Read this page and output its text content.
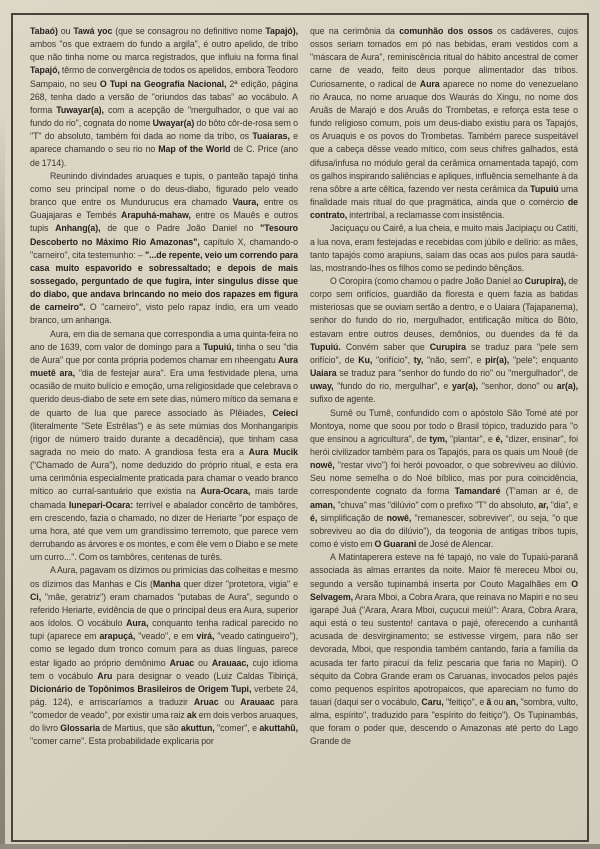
Tabaó) ou Tawá yoc (que se consagrou no definitivo nome Tapajó), ambos "os que extraem do fundo a argila", é outro apelido, de tribo que não tinha nome ou marca registrados, que influiu na forma final Tapajó, têrmo de convergência de todos os apelidos, embora Teodoro Sampaio, no seu O Tupi na Geografia Nacional, 2ª edição, página 268, tenha dado a versão de "oriundos das tabas" ao vocábulo. A forma Tuwayar(a), com a acepção de "mergulhador, o que vai ao fundo do rio", cognata do nome Uwayar(a) do bôto côr-de-rosa sem o "T" do absoluto, também foi dada ao nome da tribo, os Tuaiaras, e aparece chamando o seu rio no Map of the World de C. Price (ano de 1714).

Reunindo divindades aruaques e tupis, o panteão tapajó tinha como seu principal nome o do deus-diabo, figurado pelo veado branco que entre os Mundurucus era chamado Vaura, entre os Guajajaras e Tembés Arapuhá-mahaw, entre os Mauês e outros tupis Anhang(a), de que o Padre João Daniel no "Tesouro Descoberto no Máximo Rio Amazonas", capítulo X, chamando-o "carneiro", cita testemunho: – "...de repente, veio um correndo para casa muito espavorido e sobressaltado; e depois de mais sossegado, perguntado de que fugira, inter singulus disse que do diabo, que andava brincando no meio dos rapazes em figura de carneiro". O "carneiro", visto pelo rapaz índio, era um veado branco, um anhanga.

Aura, em dia de semana que correspondia a uma quinta-feira no ano de 1639, com valor de domingo para a Tupuiú, tinha o seu "dia de Aura" que por conta própria podemos chamar em nheengatu Aura muetê ara, "dia de festejar aura". Era uma festividade plena, uma ocasião de muito bulício e emoção, uma religiosidade que celebrava o querido deus-diabo de sete em sete dias, número mítico da semana e de quarto de lua que parece associado às Plêiades, Ceieci (literalmente "Sete Estrêlas") e às sete múmias dos Monhangaripis (rigor de número traído durante a decadência), que tinham casa sagrada no meio do mato. A grandiosa festa era a Aura Mucik ("Chamado de Aura"), nome deduzido do próprio ritual, e esta era uma cerimônia especialmente praticada para chamar o veado branco mítico ao curral-santuário que existia na Aura-Ocara, mais tarde chamada Iunepari-Ocara: terrível e abalador concêrto de tambôres, em crescendo, fazia o chamado, no dizer de Heriarte "por espaço de uma hora, até que vem um grandíssimo terremoto, que parece vem derrubando as árvores e os montes, e com êle vem o Diabo e se mete um curro...". Com os tambôres, centenas de turês.

A Aura, pagavam os dízimos ou primícias das colheitas e mesmo os dízimos das Manhas e Cis (Manha quer dizer "protetora, vigia" e Ci, "mãe, geratriz") eram chamados "putabas de Aura", segundo o referido Heriarte, evidência de que o principal deus era Aura, superior aos ídolos. O vocábulo Aura, conquanto tenha radical parecido no tupi (aparece em arapuçá, "veado", e em virá, "veado catingueiro"), como se legado dum tronco comum para as duas línguas, parece estar ligado ao próprio demônimo Aruac ou Arauaac, cujo idioma tem o vocábulo Aru para designar o veado (Luiz Caldas Tibiriçá, Dicionário de Topônimos Brasileiros de Origem Tupi, verbete 24, pág. 124), e arriscaríamos a traduzir Aruac ou Arauaac para "comedor de veado", por existir uma raiz ak em dois verbos aruaques, do livro Glossaria de Martius, que são akuttun, "comer", e akuttahũ, "comer carne". Esta probabilidade explicaria por

que na cerimônia da comunhão dos ossos os cadáveres, cujos ossos seriam tomados em pó nas bebidas, eram vestidos com a "máscara de Aura", reminiscência ritual do hábito ancestral de comer carne de veado, feito deus porque alimentador das tribos. Curiosamente, o radical de Aura aparece no nome do venezuelano rio Arauca, no nome aruaque dos Waurás do Xingu, no nome dos Aruãs de Marajó e dos Aruãs do Trombetas, e reforça esta tese o fundo religioso comum, pois um deus-diabo existiu para os Tapajós, os Aruaquis e os povos do Trombetas. Também parece suspeitável que a cabeça dêsse veado mítico, com seus chifres galhados, está difusa/infusa no módulo geral da cerâmica ornamentada tapajó, com os galhos inspirando saliências e apliques, influência semelhante à da rena sôbre a arte cêltica, fazendo ver nesta cerâmica da Tupuiú uma finalidade mais ritual do que pragmática, ainda que o comércio de contrato, intertribal, a reclamasse com insistência.

Jaciçuaçu ou Cairê, a lua cheia, e muito mais Jacipiaçu ou Catiti, a lua nova, eram festejadas e recebidas com júbilo e delírio: as mães, tanto tapajós como arapiuns, saíam das ocas aos pulos para saudá-las, mostrando-lhes os filhos como se pedindo bênçãos.

O Coropira (como chamou o padre João Daniel ao Curupira), de corpo sem orifícios, guardião da floresta e quem fazia as batidas misteriosas que se ouviam sertão a dentro, e o Uaiara (Tajapanema), senhor do fundo do rio, mergulhador, entificação mítica do Bôto, estavam entre outros deuses, demônios, ou duendes da fé da Tupuiú. Convém saber que Curupira se traduz para "pele sem orifício", de Ku, "orifício", ty, "não, sem", e pir(a), "pele"; enquanto Uaiara se traduz para "senhor do fundo do rio" ou "mergulhador", de uway, "fundo do rio, mergulhar", e yar(a), "senhor, dono" ou ar(a), sufixo de agente.

Sumê ou Tumê, confundido com o apóstolo São Tomé até por Montoya, nome que soou por todo o Brasil tópico, traduzido para "o que ensinou a agricultura", de tym, "plantar", e é, "dizer, ensinar", foi herói civilizador também para os Tapajós, para os quais um Nouê (de nowê, "restar vivo") foi herói povoador, o que sobreviveu ao dilúvio. Seu nome semelha o do Noé bíblico, mas por pura coincidência, correspondente cognato da forma Tamandaré (T'aman ar é, de aman, "chuva" mas "dilúvio" com o prefixo "T" do absoluto, ar, "dia", e é, simplificação de nowê, "remanescer, sobreviver", ou seja, "o que sobreviveu ao dia do dilúvio"), da teogonia de antigas tribos tupis, como é visto em O Guarani de José de Alencar.

A Matintaperera esteve na fé tapajó, no vale do Tupaiú-paranã associada às almas errantes da noite. Maior fé mereceu Mboi ou, segundo a versão tupinambá inserta por Couto Magalhães em O Selvagem, Arara Mboi, a Cobra Arara, que reinava no Mapiri e no seu igarapé Juá ("Arara, Arara Mboi, cuçucui meiú!": Arara, Cobra Arara, aqui está o teu sustento! cantava o pajé, oferecendo a cunhantã acusada de desvirginamento; se estivesse virgem, para não ser devorada, Mboi, que respondia também cantando, faria a família da acusada ter farto piracuí da feliz pescaria que faria no Mapiri). O séquito da Cobra Grande eram os Caruanas, invocados pelos pajés como pequenos espíritos apotropaicos, que apareciam no fumo do tauari (daqui ser o vocábulo, Caru, "feitiço", e ã ou an, "sombra, vulto, alma, espírito", traduzido para "espírito do feitiço"). Os Tupinambás, que foram o poder que, descendo o Amazonas até perto do Lago Grande de
